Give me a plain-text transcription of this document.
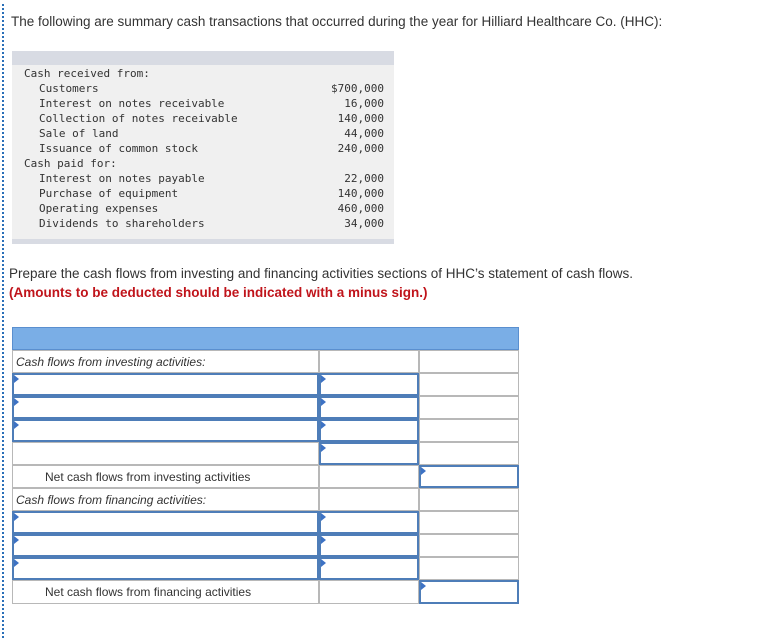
The following are summary cash transactions that occurred during the year for Hilliard Healthcare Co. (HHC):
Cash received from:
Customers	$700,000
Interest on notes receivable	16,000
Collection of notes receivable	140,000
Sale of land	44,000
Issuance of common stock	240,000
Cash paid for:
Interest on notes payable	22,000
Purchase of equipment	140,000
Operating expenses	460,000
Dividends to shareholders	34,000
Prepare the cash flows from investing and financing activities sections of HHC’s statement of cash flows.
(Amounts to be deducted should be indicated with a minus sign.)
Cash flows from investing activities:
Net cash flows from investing activities
Cash flows from financing activities:
Net cash flows from financing activities
